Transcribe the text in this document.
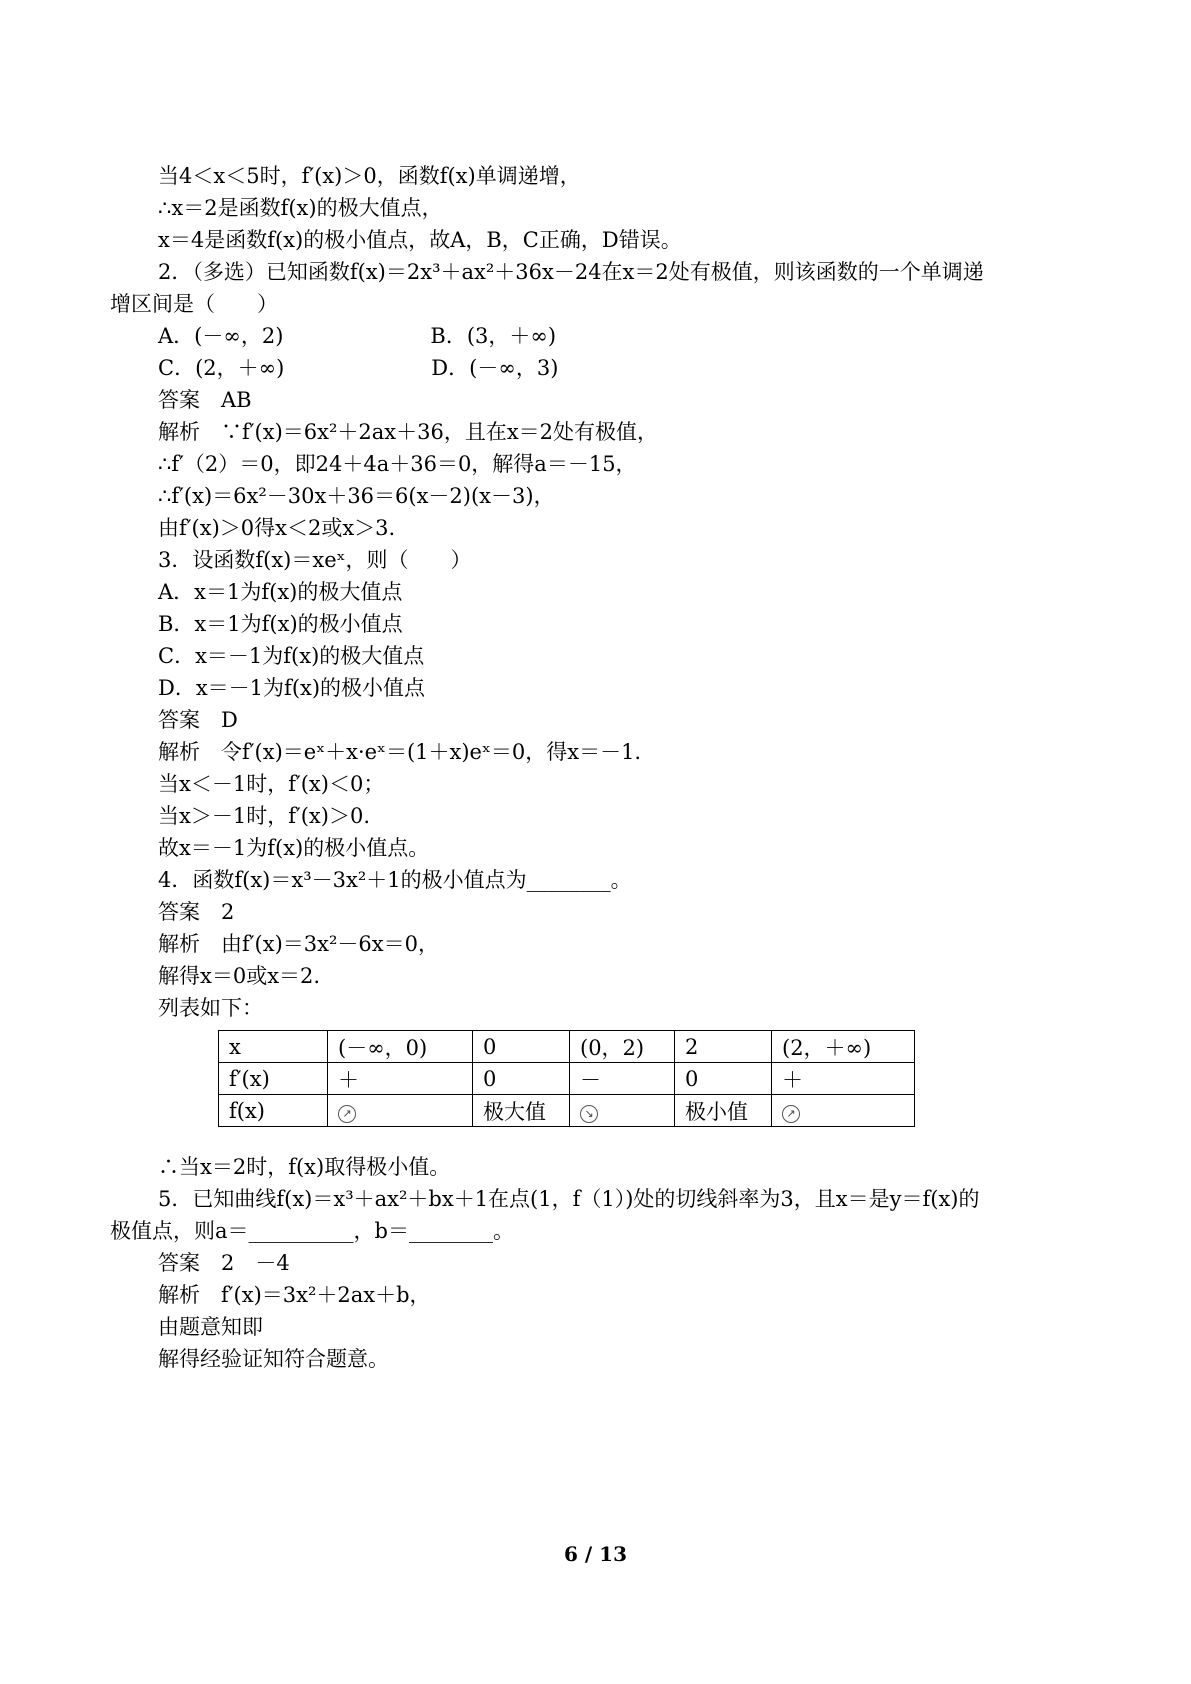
当4＜x＜5时，f′(x)＞0，函数f(x)单调递增，
∴x＝2是函数f(x)的极大值点，
x＝4是函数f(x)的极小值点，故A，B，C正确，D错误。
2．（多选）已知函数f(x)＝2x³＋ax²＋36x－24在x＝2处有极值，则该函数的一个单调递
增区间是（　　）
A．(－∞，2)　　　　　　　B．(3，＋∞)
C．(2，＋∞)　　　　　　　D．(－∞，3)
答案　AB
解析　∵f′(x)＝6x²＋2ax＋36，且在x＝2处有极值，
∴f′（2）＝0，即24＋4a＋36＝0，解得a＝－15，
∴f′(x)＝6x²－30x＋36＝6(x－2)(x－3)，
由f′(x)＞0得x＜2或x＞3.
3．设函数f(x)＝xeˣ，则（　　）
A．x＝1为f(x)的极大值点
B．x＝1为f(x)的极小值点
C．x＝－1为f(x)的极大值点
D．x＝－1为f(x)的极小值点
答案　D
解析　令f′(x)＝eˣ＋x·eˣ＝(1＋x)eˣ＝0，得x＝－1.
当x＜－1时，f′(x)＜0；
当x＞－1时，f′(x)＞0.
故x＝－1为f(x)的极小值点。
4．函数f(x)＝x³－3x²＋1的极小值点为________。
答案　2
解析　由f′(x)＝3x²－6x＝0，
解得x＝0或x＝2.
列表如下：
x	(－∞，0)	0	(0，2)	2	(2，＋∞)
f′(x)	＋	0	－	0	＋
f(x)	↗	极大值	↘	极小值	↗
∴当x＝2时，f(x)取得极小值。
5．已知曲线f(x)＝x³＋ax²＋bx＋1在点(1，f（1）)处的切线斜率为3，且x＝是y＝f(x)的
极值点，则a＝__________，b＝________。
答案　2　－4
解析　f′(x)＝3x²＋2ax＋b，
由题意知即
解得经验证知符合题意。
6 / 13
